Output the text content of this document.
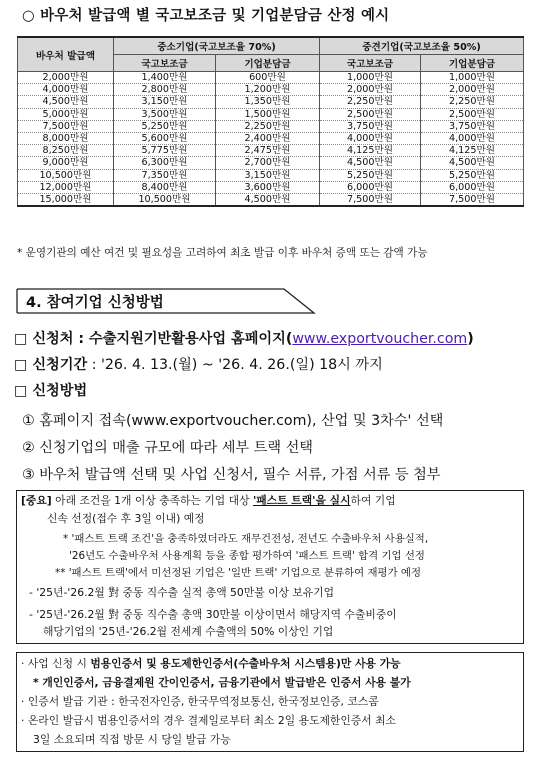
○ 바우처 발급액 별 국고보조금 및 기업분담금 산정 예시
바우처 발급액	중소기업(국고보조율 70%)		중견기업(국고보조율 50%)	
	국고보조금	기업분담금	국고보조금	기업분담금
2,000만원	1,400만원	600만원	1,000만원	1,000만원
4,000만원	2,800만원	1,200만원	2,000만원	2,000만원
4,500만원	3,150만원	1,350만원	2,250만원	2,250만원
5,000만원	3,500만원	1,500만원	2,500만원	2,500만원
7,500만원	5,250만원	2,250만원	3,750만원	3,750만원
8,000만원	5,600만원	2,400만원	4,000만원	4,000만원
8,250만원	5,775만원	2,475만원	4,125만원	4,125만원
9,000만원	6,300만원	2,700만원	4,500만원	4,500만원
10,500만원	7,350만원	3,150만원	5,250만원	5,250만원
12,000만원	8,400만원	3,600만원	6,000만원	6,000만원
15,000만원	10,500만원	4,500만원	7,500만원	7,500만원
* 운영기관의 예산 여건 및 필요성을 고려하여 최초 발급 이후 바우처 증액 또는 감액 가능
4. 참여기업 신청방법
□ 신청처 : 수출지원기반활용사업 홈페이지(www.exportvoucher.com)
□ 신청기간 : '26. 4. 13.(월) ~ '26. 4. 26.(일) 18시 까지
□ 신청방법
① 홈페이지 접속(www.exportvoucher.com), 산업 및 3차수' 선택
② 신청기업의 매출 규모에 따라 세부 트랙 선택
③ 바우처 발급액 선택 및 사업 신청서, 필수 서류, 가점 서류 등 첨부
[중요] 아래 조건을 1개 이상 충족하는 기업 대상 '패스트 트랙'을 실시하여 기업
신속 선정(접수 후 3일 이내) 예정
* '패스트 트랙 조건'을 충족하였더라도 재무건전성, 전년도 수출바우처 사용실적,
'26년도 수출바우처 사용계획 등을 종합 평가하여 '패스트 트랙' 합격 기업 선정
** '패스트 트랙'에서 미선정된 기업은 '일반 트랙' 기업으로 분류하여 재평가 예정
- '25년-'26.2월 對 중동 직수출 실적 총액 50만불 이상 보유기업
- '25년-'26.2월 對 중동 직수출 총액 30만불 이상이면서 해당지역 수출비중이
해당기업의 '25년-'26.2월 전세계 수출액의 50% 이상인 기업
· 사업 신청 시 범용인증서 및 용도제한인증서(수출바우처 시스템용)만 사용 가능
* 개인인증서, 금융결제원 간이인증서, 금융기관에서 발급받은 인증서 사용 불가
· 인증서 발급 기관 : 한국전자인증, 한국무역정보통신, 한국정보인증, 코스콤
· 온라인 발급시 범용인증서의 경우 결제일로부터 최소 2일 용도제한인증서 최소
3일 소요되며 직접 방문 시 당일 발급 가능
